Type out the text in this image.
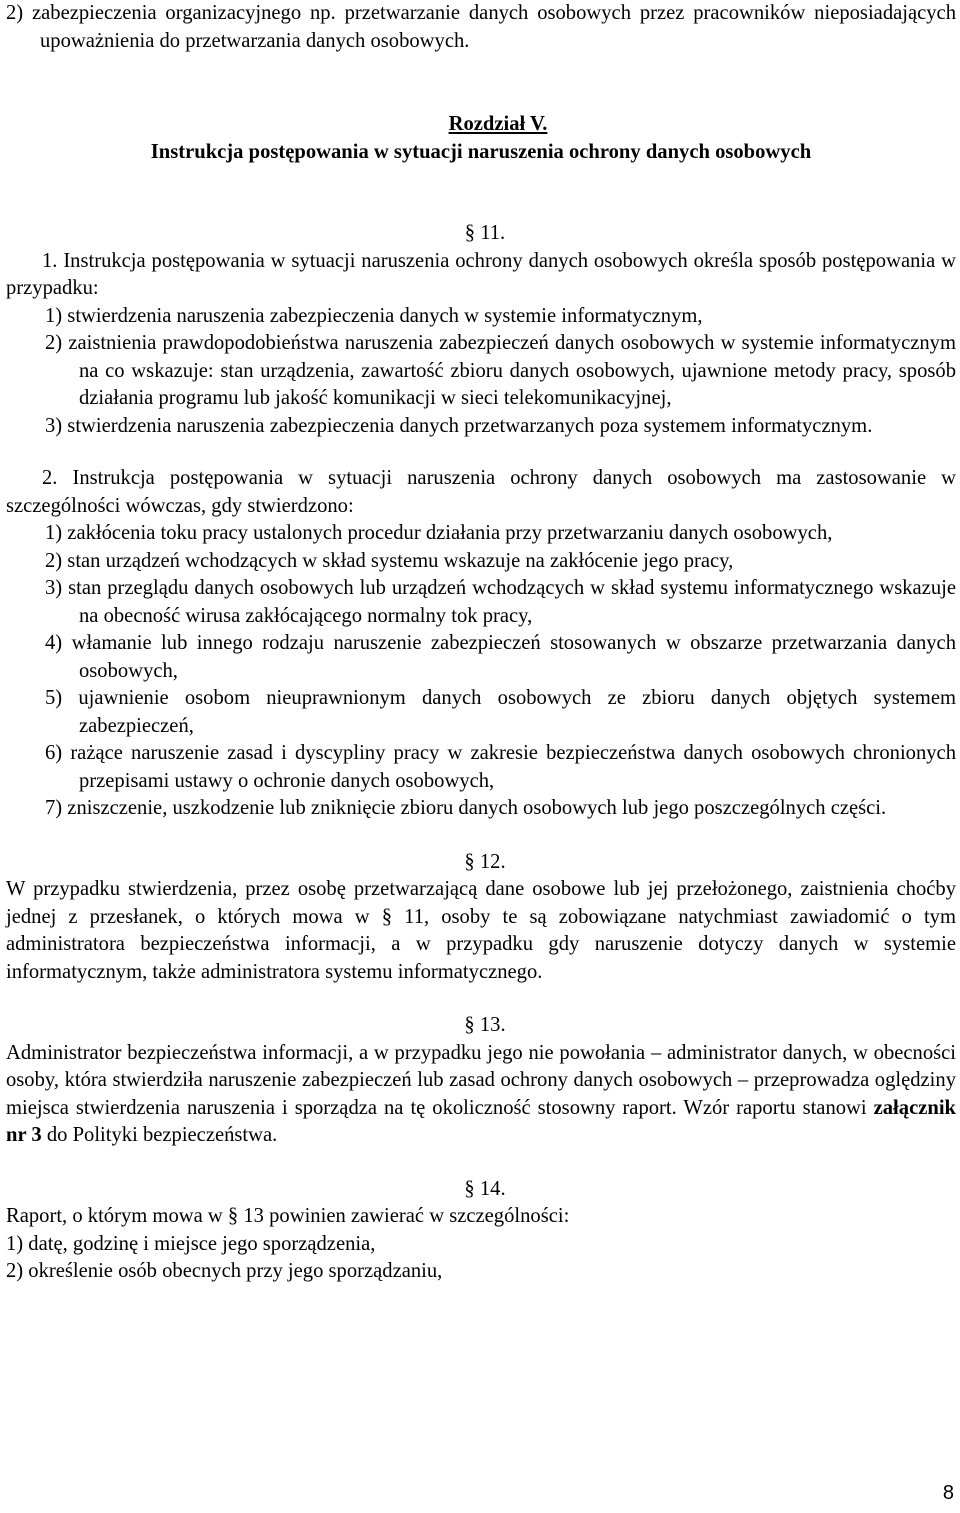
2) zabezpieczenia organizacyjnego np. przetwarzanie danych osobowych przez pracowników nieposiadających upoważnienia do przetwarzania danych osobowych.

Rozdział V.

Instrukcja postępowania w sytuacji naruszenia ochrony danych osobowych

§ 11.

1. Instrukcja postępowania w sytuacji naruszenia ochrony danych osobowych określa sposób postępowania w przypadku:

1) stwierdzenia naruszenia zabezpieczenia danych w systemie informatycznym,

2) zaistnienia prawdopodobieństwa naruszenia zabezpieczeń danych osobowych w systemie informatycznym na co wskazuje: stan urządzenia, zawartość zbioru danych osobowych, ujawnione metody pracy, sposób działania programu lub jakość komunikacji w sieci telekomunikacyjnej,

3) stwierdzenia naruszenia zabezpieczenia danych przetwarzanych poza systemem informatycznym.

2. Instrukcja postępowania w sytuacji naruszenia ochrony danych osobowych ma zastosowanie w szczególności wówczas, gdy stwierdzono:

1) zakłócenia toku pracy ustalonych procedur działania przy przetwarzaniu danych osobowych,

2) stan urządzeń wchodzących w skład systemu wskazuje na zakłócenie jego pracy,

3) stan przeglądu danych osobowych lub urządzeń wchodzących w skład systemu informatycznego wskazuje na obecność wirusa zakłócającego normalny tok pracy,

4) włamanie lub innego rodzaju naruszenie zabezpieczeń stosowanych w obszarze przetwarzania danych osobowych,

5) ujawnienie osobom nieuprawnionym danych osobowych ze zbioru danych objętych systemem zabezpieczeń,

6) rażące naruszenie zasad i dyscypliny pracy w zakresie bezpieczeństwa danych osobowych chronionych przepisami ustawy o ochronie danych osobowych,

7) zniszczenie, uszkodzenie lub zniknięcie zbioru danych osobowych lub jego poszczególnych części.

§ 12.

W przypadku stwierdzenia, przez osobę przetwarzającą dane osobowe lub jej przełożonego, zaistnienia choćby jednej z przesłanek, o których mowa w § 11, osoby te są zobowiązane natychmiast zawiadomić o tym administratora bezpieczeństwa informacji, a w przypadku gdy naruszenie dotyczy danych w systemie informatycznym, także administratora systemu informatycznego.

§ 13.

Administrator bezpieczeństwa informacji, a w przypadku jego nie powołania – administrator danych, w obecności osoby, która stwierdziła naruszenie zabezpieczeń lub zasad ochrony danych osobowych – przeprowadza oględziny miejsca stwierdzenia naruszenia i sporządza na tę okoliczność stosowny raport. Wzór raportu stanowi załącznik nr 3 do Polityki bezpieczeństwa.

§ 14.

Raport, o którym mowa w § 13 powinien zawierać w szczególności:

1) datę, godzinę i miejsce jego sporządzenia,

2) określenie osób obecnych przy jego sporządzaniu,

8
